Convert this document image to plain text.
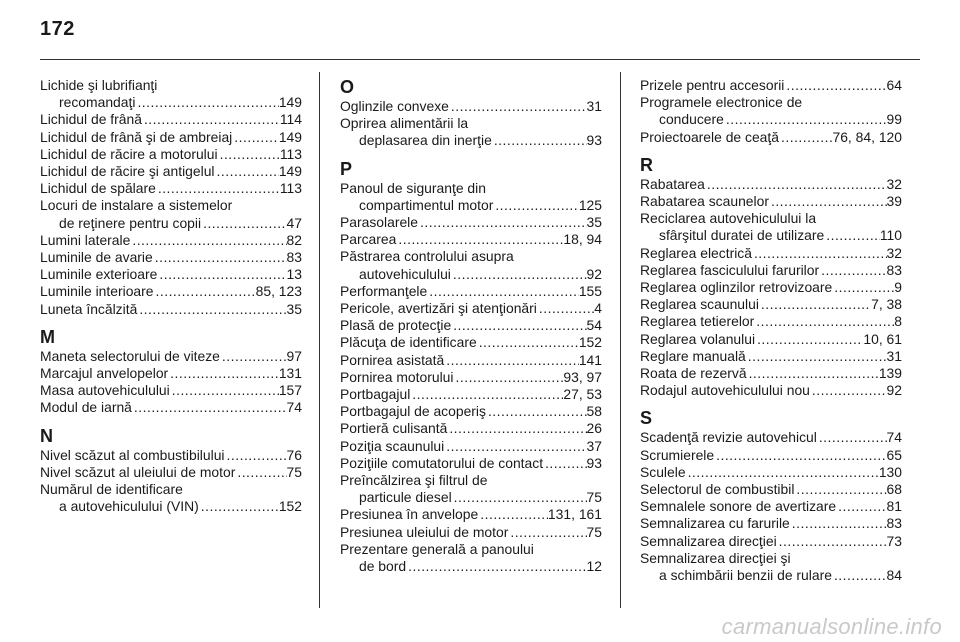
172
Lichide şi lubrifianţi
recomandaţi .....	149
Lichidul de frână .....	114
Lichidul de frână şi de ambreiaj .....	149
Lichidul de răcire a motorului .....	113
Lichidul de răcire şi antigelul .....	149
Lichidul de spălare .....	113
Locuri de instalare a sistemelor
de reţinere pentru copii .....	47
Lumini laterale .....	82
Luminile de avarie .....	83
Luminile exterioare .....	13
Luminile interioare .....	85, 123
Luneta încălzită .....	35
M
Maneta selectorului de viteze .....	97
Marcajul anvelopelor .....	131
Masa autovehiculului .....	157
Modul de iarnă .....	74
N
Nivel scăzut al combustibilului .....	76
Nivel scăzut al uleiului de motor .....	75
Numărul de identificare
a autovehiculului (VIN) .....	152
O
Oglinzile convexe .....	31
Oprirea alimentării la
deplasarea din inerţie .....	93
P
Panoul de siguranţe din
compartimentul motor .....	125
Parasolarele .....	35
Parcarea .....	18, 94
Păstrarea controlului asupra
autovehiculului .....	92
Performanţele .....	155
Pericole, avertizări şi atenţionări .....	4
Plasă de protecţie .....	54
Plăcuţa de identificare .....	152
Pornirea asistată .....	141
Pornirea motorului .....	93, 97
Portbagajul .....	27, 53
Portbagajul de acoperiş .....	58
Portieră culisantă .....	26
Poziţia scaunului .....	37
Poziţiile comutatorului de contact .....	93
Preîncălzirea şi filtrul de
particule diesel .....	75
Presiunea în anvelope .....	131, 161
Presiunea uleiului de motor .....	75
Prezentare generală a panoului
de bord .....	12
Prizele pentru accesorii .....	64
Programele electronice de
conducere .....	99
Proiectoarele de ceaţă .....	76, 84, 120
R
Rabatarea .....	32
Rabatarea scaunelor .....	39
Reciclarea autovehiculului la
sfârşitul duratei de utilizare .....	110
Reglarea electrică .....	32
Reglarea fasciculului farurilor .....	83
Reglarea oglinzilor retrovizoare .....	9
Reglarea scaunului .....	7, 38
Reglarea tetierelor .....	8
Reglarea volanului .....	10, 61
Reglare manuală .....	31
Roata de rezervă .....	139
Rodajul autovehiculului nou .....	92
S
Scadenţă revizie autovehicul .....	74
Scrumierele .....	65
Sculele .....	130
Selectorul de combustibil .....	68
Semnalele sonore de avertizare .....	81
Semnalizarea cu farurile .....	83
Semnalizarea direcţiei .....	73
Semnalizarea direcţiei şi
a schimbării benzii de rulare .....	84
carmanualsonline.info
